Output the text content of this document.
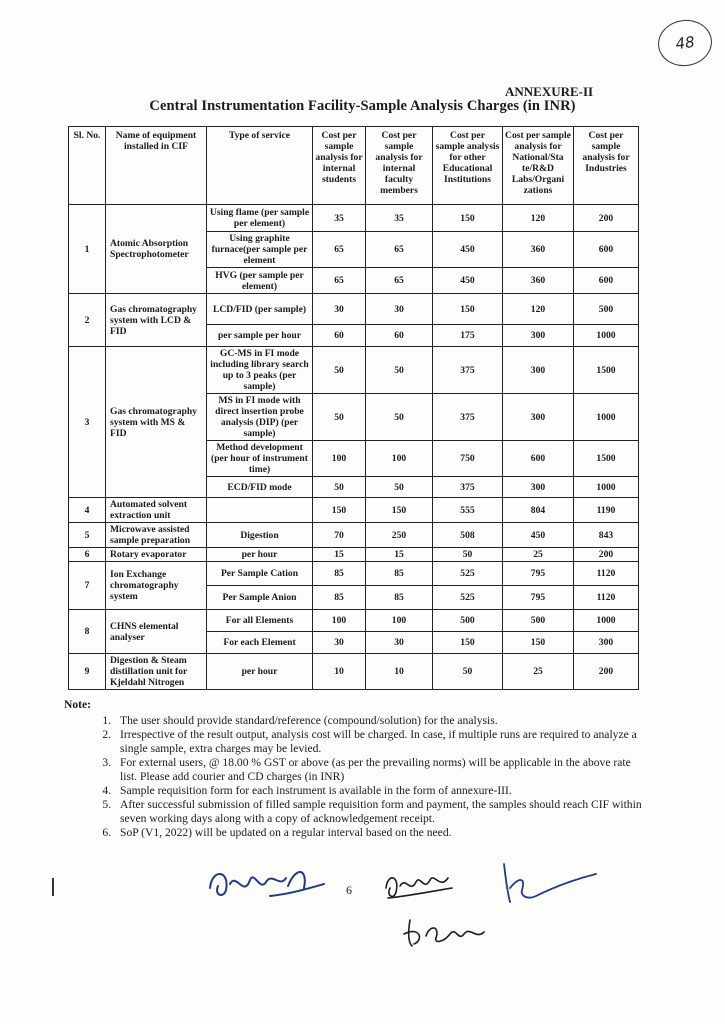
48
ANNEXURE-II
Central Instrumentation Facility-Sample Analysis Charges (in INR)
Sl. No.	Name of equipment installed in CIF	Type of service	Cost per sample analysis for internal students	Cost per sample analysis for internal faculty members	Cost per sample analysis for other Educational Institutions	Cost per sample analysis for National/Sta te/R&D Labs/Organi zations	Cost per sample analysis for Industries
1	Atomic Absorption Spectrophotometer	Using flame (per sample per element)	35	35	150	120	200
		Using graphite furnace(per sample per element	65	65	450	360	600
		HVG (per sample per element)	65	65	450	360	600
2	Gas chromatography system with LCD & FID	LCD/FID (per sample)	30	30	150	120	500
		per sample per hour	60	60	175	300	1000
3	Gas chromatography system with MS & FID	GC-MS in FI mode including library search up to 3 peaks (per sample)	50	50	375	300	1500
		MS in FI mode with direct insertion probe analysis (DIP) (per sample)	50	50	375	300	1000
		Method development (per hour of instrument time)	100	100	750	600	1500
		ECD/FID mode	50	50	375	300	1000
4	Automated solvent extraction unit		150	150	555	804	1190
5	Microwave assisted sample preparation	Digestion	70	250	508	450	843
6	Rotary evaporator	per hour	15	15	50	25	200
7	Ion Exchange chromatography system	Per Sample Cation	85	85	525	795	1120
		Per Sample Anion	85	85	525	795	1120
8	CHNS elemental analyser	For all Elements	100	100	500	500	1000
		For each Element	30	30	150	150	300
9	Digestion & Steam distillation unit for Kjeldahl Nitrogen	per hour	10	10	50	25	200
Note:
1. The user should provide standard/reference (compound/solution) for the analysis.
2. Irrespective of the result output, analysis cost will be charged. In case, if multiple runs are required to analyze a single sample, extra charges may be levied.
3. For external users, @ 18.00 % GST or above (as per the prevailing norms) will be applicable in the above rate list. Please add courier and CD charges (in INR)
4. Sample requisition form for each instrument is available in the form of annexure-III.
5. After successful submission of filled sample requisition form and payment, the samples should reach CIF within seven working days along with a copy of acknowledgement receipt.
6. SoP (V1, 2022) will be updated on a regular interval based on the need.
6
